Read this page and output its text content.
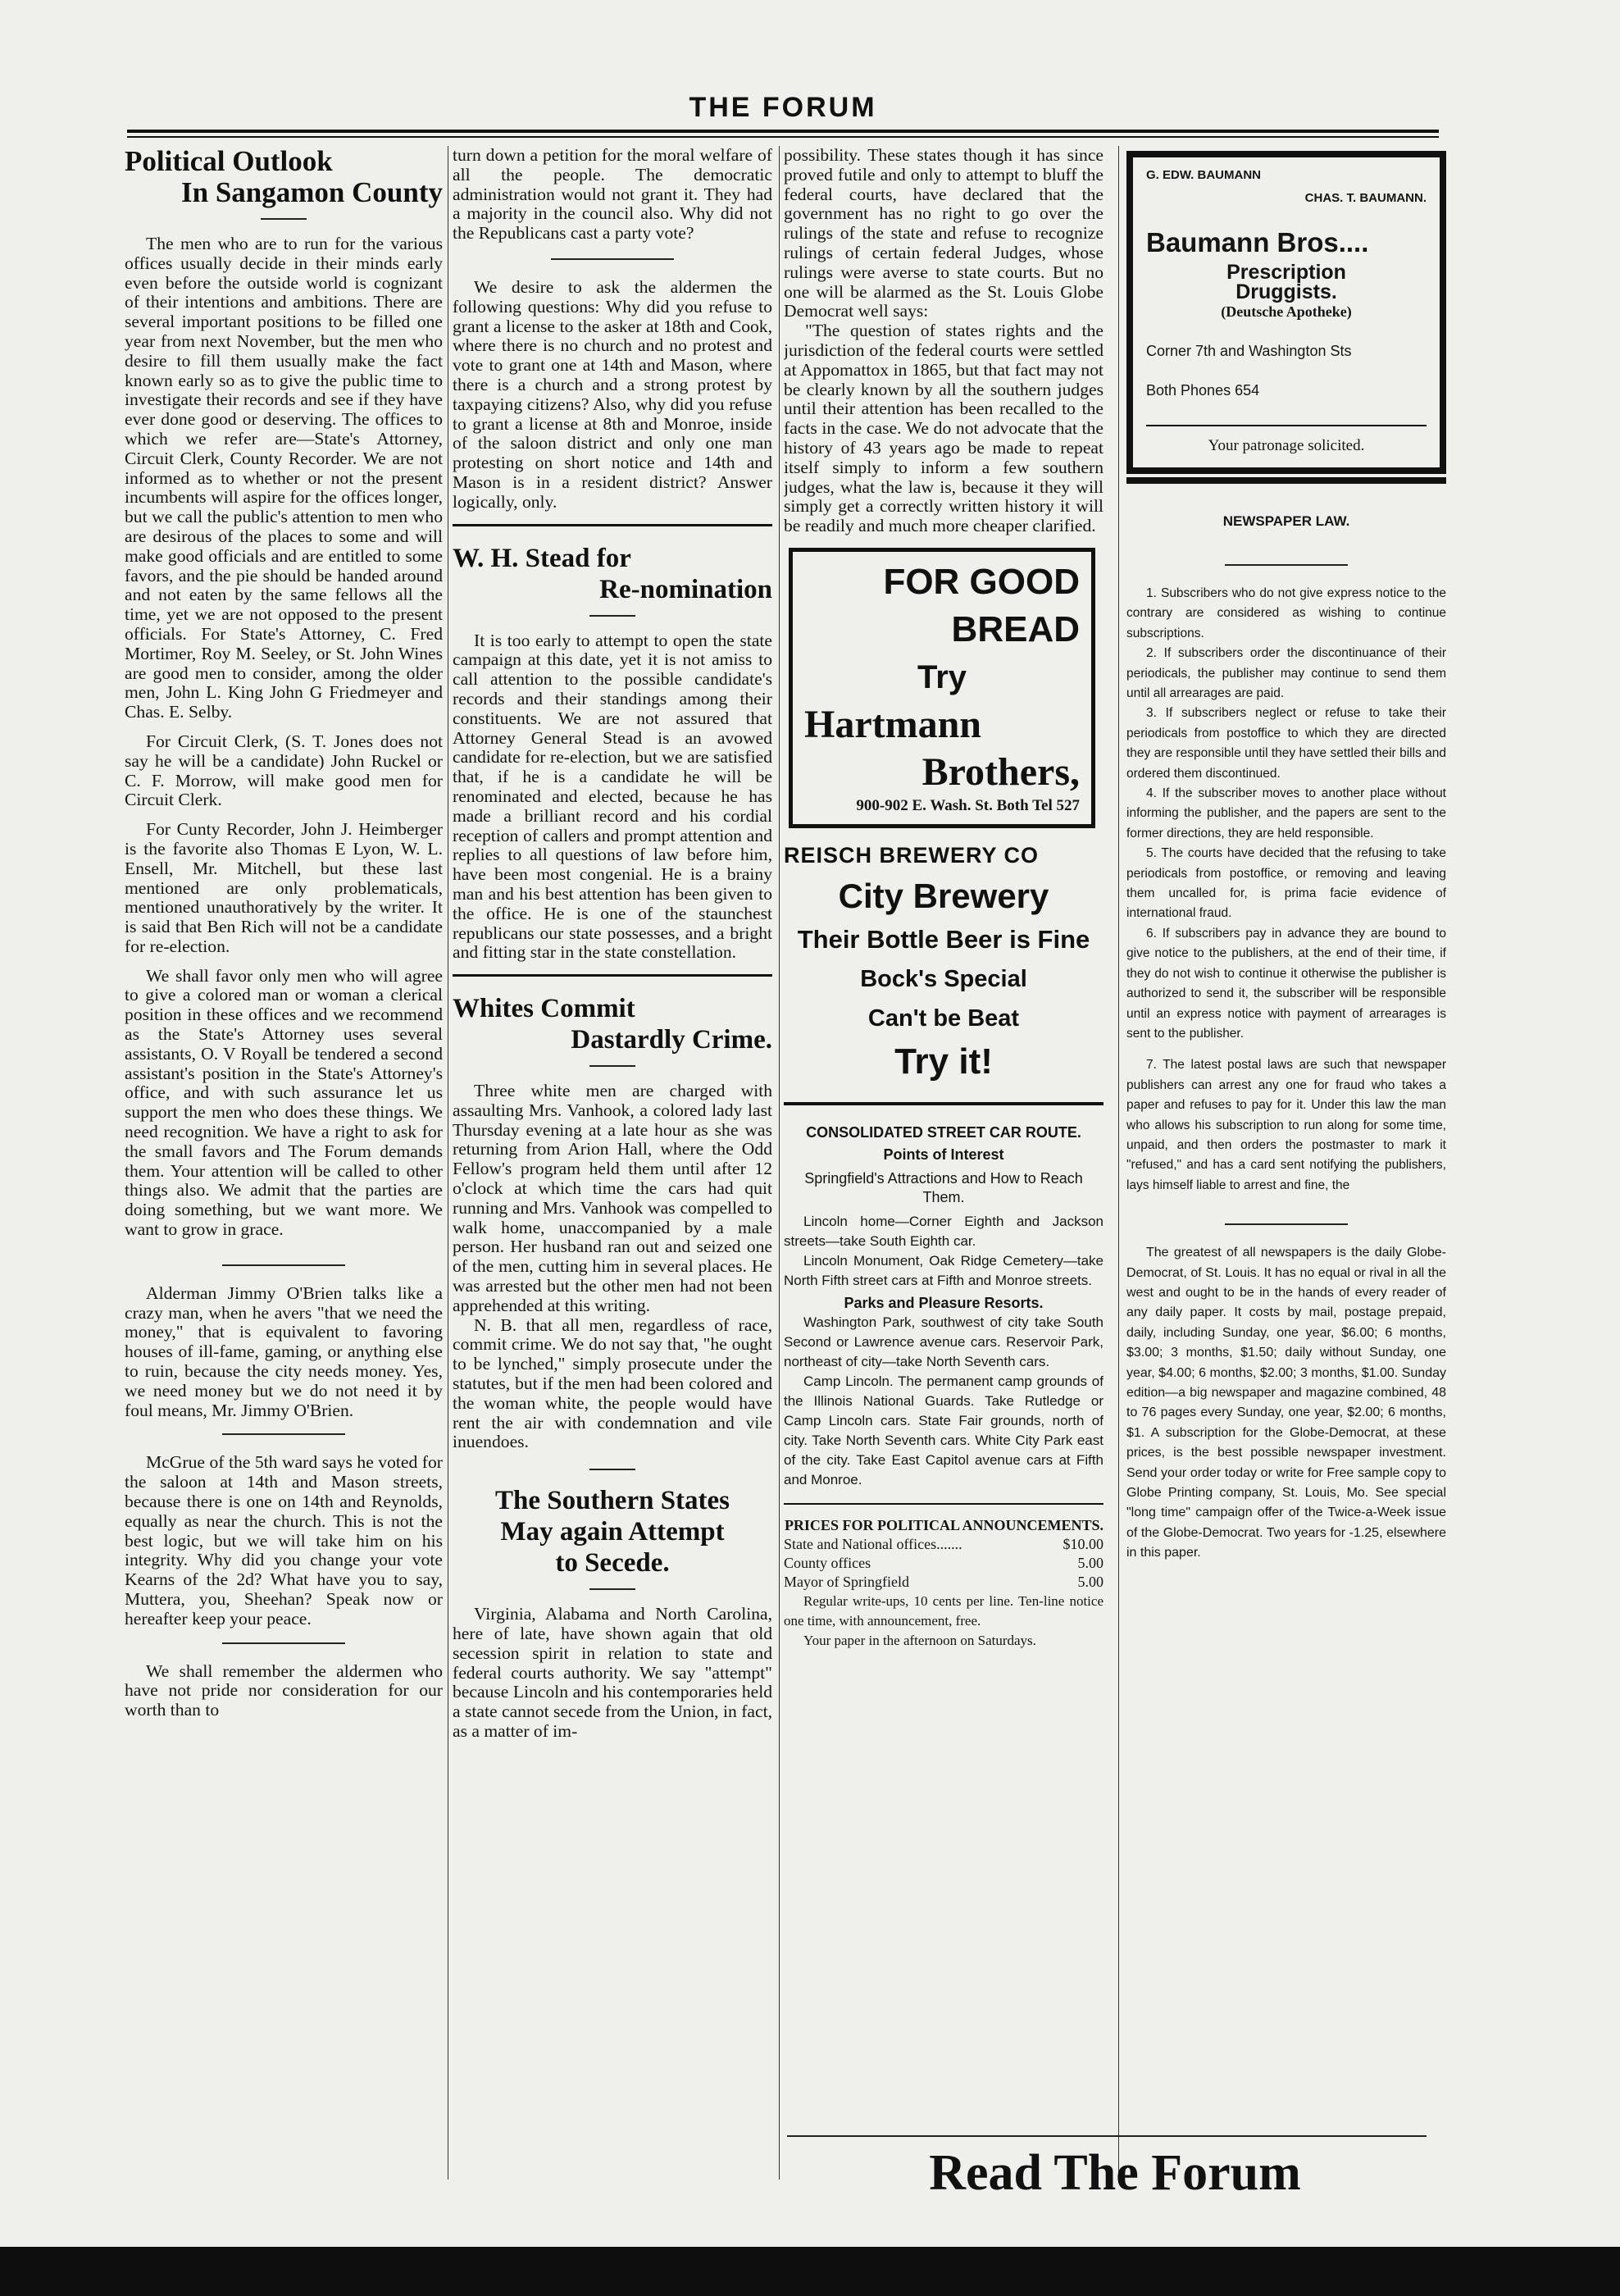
THE FORUM
Political Outlook
In Sangamon County

The men who are to run for the various offices usually decide in their minds early even before the outside world is cognizant of their intentions and ambitions. There are several important positions to be filled one year from next November, but the men who desire to fill them usually make the fact known early so as to give the public time to investigate their records and see if they have ever done good or deserving. The offices to which we refer are—State's Attorney, Circuit Clerk, County Recorder. We are not informed as to whether or not the present incumbents will aspire for the offices longer, but we call the public's attention to men who are desirous of the places to some and will make good officials and are entitled to some favors, and the pie should be handed around and not eaten by the same fellows all the time, yet we are not opposed to the present officials. For State's Attorney, C. Fred Mortimer, Roy M. Seeley, or St. John Wines are good men to consider, among the older men, John L. King John G Friedmeyer and Chas. E. Selby.

For Circuit Clerk, (S. T. Jones does not say he will be a candidate) John Ruckel or C. F. Morrow, will make good men for Circuit Clerk.

For Cunty Recorder, John J. Heimberger is the favorite also Thomas E Lyon, W. L. Ensell, Mr. Mitchell, but these last mentioned are only problematicals, mentioned unauthoratively by the writer. It is said that Ben Rich will not be a candidate for re-election.

We shall favor only men who will agree to give a colored man or woman a clerical position in these offices and we recommend as the State's Attorney uses several assistants, O. V Royall be tendered a second assistant's position in the State's Attorney's office, and with such assurance let us support the men who does these things. We need recognition. We have a right to ask for the small favors and The Forum demands them. Your attention will be called to other things also. We admit that the parties are doing something, but we want more. We want to grow in grace.

Alderman Jimmy O'Brien talks like a crazy man, when he avers "that we need the money," that is equivalent to favoring houses of ill-fame, gaming, or anything else to ruin, because the city needs money. Yes, we need money but we do not need it by foul means, Mr. Jimmy O'Brien.

McGrue of the 5th ward says he voted for the saloon at 14th and Mason streets, because there is one on 14th and Reynolds, equally as near the church. This is not the best logic, but we will take him on his integrity. Why did you change your vote Kearns of the 2d? What have you to say, Muttera, you, Sheehan? Speak now or hereafter keep your peace.

We shall remember the aldermen who have not pride nor consideration for our worth than to

turn down a petition for the moral welfare of all the people. The democratic administration would not grant it. They had a majority in the council also. Why did not the Republicans cast a party vote?

We desire to ask the aldermen the following questions: Why did you refuse to grant a license to the asker at 18th and Cook, where there is no church and no protest and vote to grant one at 14th and Mason, where there is a church and a strong protest by taxpaying citizens? Also, why did you refuse to grant a license at 8th and Monroe, inside of the saloon district and only one man protesting on short notice and 14th and Mason is in a resident district? Answer logically, only.

W. H. Stead for
Re-nomination

It is too early to attempt to open the state campaign at this date, yet it is not amiss to call attention to the possible candidate's records and their standings among their constituents. We are not assured that Attorney General Stead is an avowed candidate for re-election, but we are satisfied that, if he is a candidate he will be renominated and elected, because he has made a brilliant record and his cordial reception of callers and prompt attention and replies to all questions of law before him, have been most congenial. He is a brainy man and his best attention has been given to the office. He is one of the staunchest republicans our state possesses, and a bright and fitting star in the state constellation.

Whites Commit
Dastardly Crime.

Three white men are charged with assaulting Mrs. Vanhook, a colored lady last Thursday evening at a late hour as she was returning from Arion Hall, where the Odd Fellow's program held them until after 12 o'clock at which time the cars had quit running and Mrs. Vanhook was compelled to walk home, unaccompanied by a male person. Her husband ran out and seized one of the men, cutting him in several places. He was arrested but the other men had not been apprehended at this writing.

N. B. that all men, regardless of race, commit crime. We do not say that, "he ought to be lynched," simply prosecute under the statutes, but if the men had been colored and the woman white, the people would have rent the air with condemnation and vile inuendoes.

The Southern States
May again Attempt
to Secede.

Virginia, Alabama and North Carolina, here of late, have shown again that old secession spirit in relation to state and federal courts authority. We say "attempt" because Lincoln and his contemporaries held a state cannot secede from the Union, in fact, as a matter of im-

possibility. These states though it has since proved futile and only to attempt to bluff the federal courts, have declared that the government has no right to go over the rulings of the state and refuse to recognize rulings of certain federal Judges, whose rulings were averse to state courts. But no one will be alarmed as the St. Louis Globe Democrat well says:

"The question of states rights and the jurisdiction of the federal courts were settled at Appomattox in 1865, but that fact may not be clearly known by all the southern judges until their attention has been recalled to the facts in the case. We do not advocate that the history of 43 years ago be made to repeat itself simply to inform a few southern judges, what the law is, because it they will simply get a correctly written history it will be readily and much more cheaper clarified.

FOR GOOD
BREAD
Try
Hartmann
Brothers,
900-902 E. Wash. St. Both Tel 527
REISCH BREWERY CO
City Brewery
Their Bottle Beer is Fine
Bock's Special
Can't be Beat
Try it!
CONSOLIDATED STREET CAR ROUTE.
Points of Interest
Springfield's Attractions and How to Reach Them.

Lincoln home—Corner Eighth and Jackson streets—take South Eighth car.

Lincoln Monument, Oak Ridge Cemetery—take North Fifth street cars at Fifth and Monroe streets.

Parks and Pleasure Resorts.

Washington Park, southwest of city take South Second or Lawrence avenue cars. Reservoir Park, northeast of city—take North Seventh cars.

Camp Lincoln. The permanent camp grounds of the Illinois National Guards. Take Rutledge or Camp Lincoln cars. State Fair grounds, north of city. Take North Seventh cars. White City Park east of the city. Take East Capitol avenue cars at Fifth and Monroe.

PRICES FOR POLITICAL ANNOUNCEMENTS.
State and National offices.......	$10.00
County offices	5.00
Mayor of Springfield	5.00

Regular write-ups, 10 cents per line. Ten-line notice one time, with announcement, free.

Your paper in the afternoon on Saturdays.

G. EDW. BAUMANN
CHAS. T. BAUMANN.
Baumann Bros....
Prescription
Druggists.
(Deutsche Apotheke)
Corner 7th and Washington Sts
Both Phones 654
Your patronage solicited.
NEWSPAPER LAW.

1. Subscribers who do not give express notice to the contrary are considered as wishing to continue subscriptions.

2. If subscribers order the discontinuance of their periodicals, the publisher may continue to send them until all arrearages are paid.

3. If subscribers neglect or refuse to take their periodicals from postoffice to which they are directed they are responsible until they have settled their bills and ordered them discontinued.

4. If the subscriber moves to another place without informing the publisher, and the papers are sent to the former directions, they are held responsible.

5. The courts have decided that the refusing to take periodicals from postoffice, or removing and leaving them uncalled for, is prima facie evidence of international fraud.

6. If subscribers pay in advance they are bound to give notice to the publishers, at the end of their time, if they do not wish to continue it otherwise the publisher is authorized to send it, the subscriber will be responsible until an express notice with payment of arrearages is sent to the publisher.

7. The latest postal laws are such that newspaper publishers can arrest any one for fraud who takes a paper and refuses to pay for it. Under this law the man who allows his subscription to run along for some time, unpaid, and then orders the postmaster to mark it "refused," and has a card sent notifying the publishers, lays himself liable to arrest and fine, the

The greatest of all newspapers is the daily Globe-Democrat, of St. Louis. It has no equal or rival in all the west and ought to be in the hands of every reader of any daily paper. It costs by mail, postage prepaid, daily, including Sunday, one year, $6.00; 6 months, $3.00; 3 months, $1.50; daily without Sunday, one year, $4.00; 6 months, $2.00; 3 months, $1.00. Sunday edition—a big newspaper and magazine combined, 48 to 76 pages every Sunday, one year, $2.00; 6 months, $1. A subscription for the Globe-Democrat, at these prices, is the best possible newspaper investment. Send your order today or write for Free sample copy to Globe Printing company, St. Louis, Mo. See special "long time" campaign offer of the Twice-a-Week issue of the Globe-Democrat. Two years for -1.25, elsewhere in this paper.

Read The Forum
